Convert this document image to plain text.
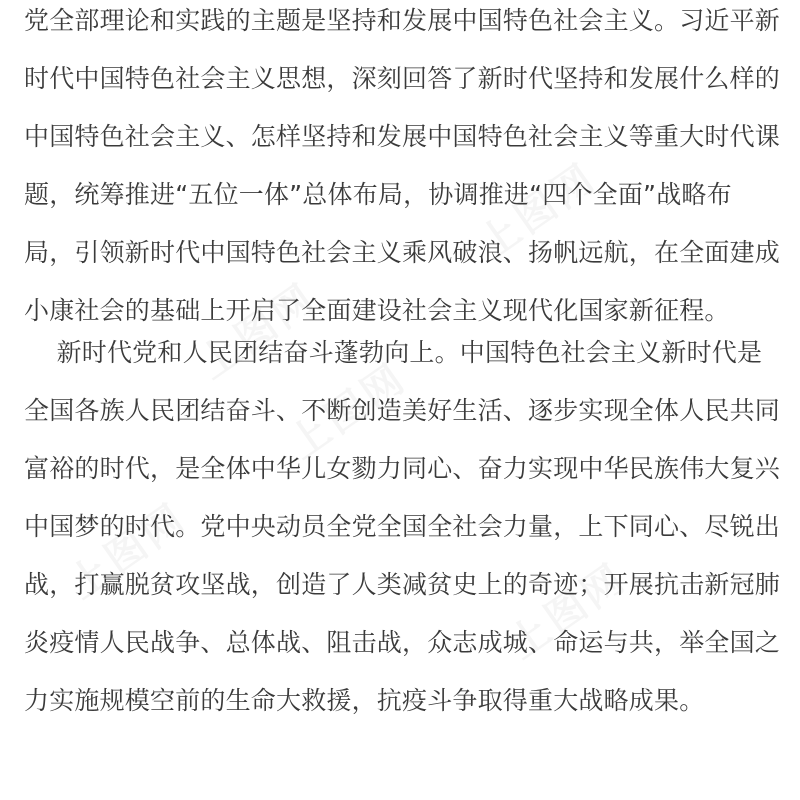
上图网
上图网
上图网
上图网
上图网
党全部理论和实践的主题是坚持和发展中国特色社会主义。习近平新
时代中国特色社会主义思想，深刻回答了新时代坚持和发展什么样的
中国特色社会主义、怎样坚持和发展中国特色社会主义等重大时代课
题，统筹推进“五位一体”总体布局，协调推进“四个全面”战略布
局，引领新时代中国特色社会主义乘风破浪、扬帆远航，在全面建成
小康社会的基础上开启了全面建设社会主义现代化国家新征程。
新时代党和人民团结奋斗蓬勃向上。中国特色社会主义新时代是
全国各族人民团结奋斗、不断创造美好生活、逐步实现全体人民共同
富裕的时代，是全体中华儿女勠力同心、奋力实现中华民族伟大复兴
中国梦的时代。党中央动员全党全国全社会力量，上下同心、尽锐出
战，打赢脱贫攻坚战，创造了人类减贫史上的奇迹；开展抗击新冠肺
炎疫情人民战争、总体战、阻击战，众志成城、命运与共，举全国之
力实施规模空前的生命大救援，抗疫斗争取得重大战略成果。
